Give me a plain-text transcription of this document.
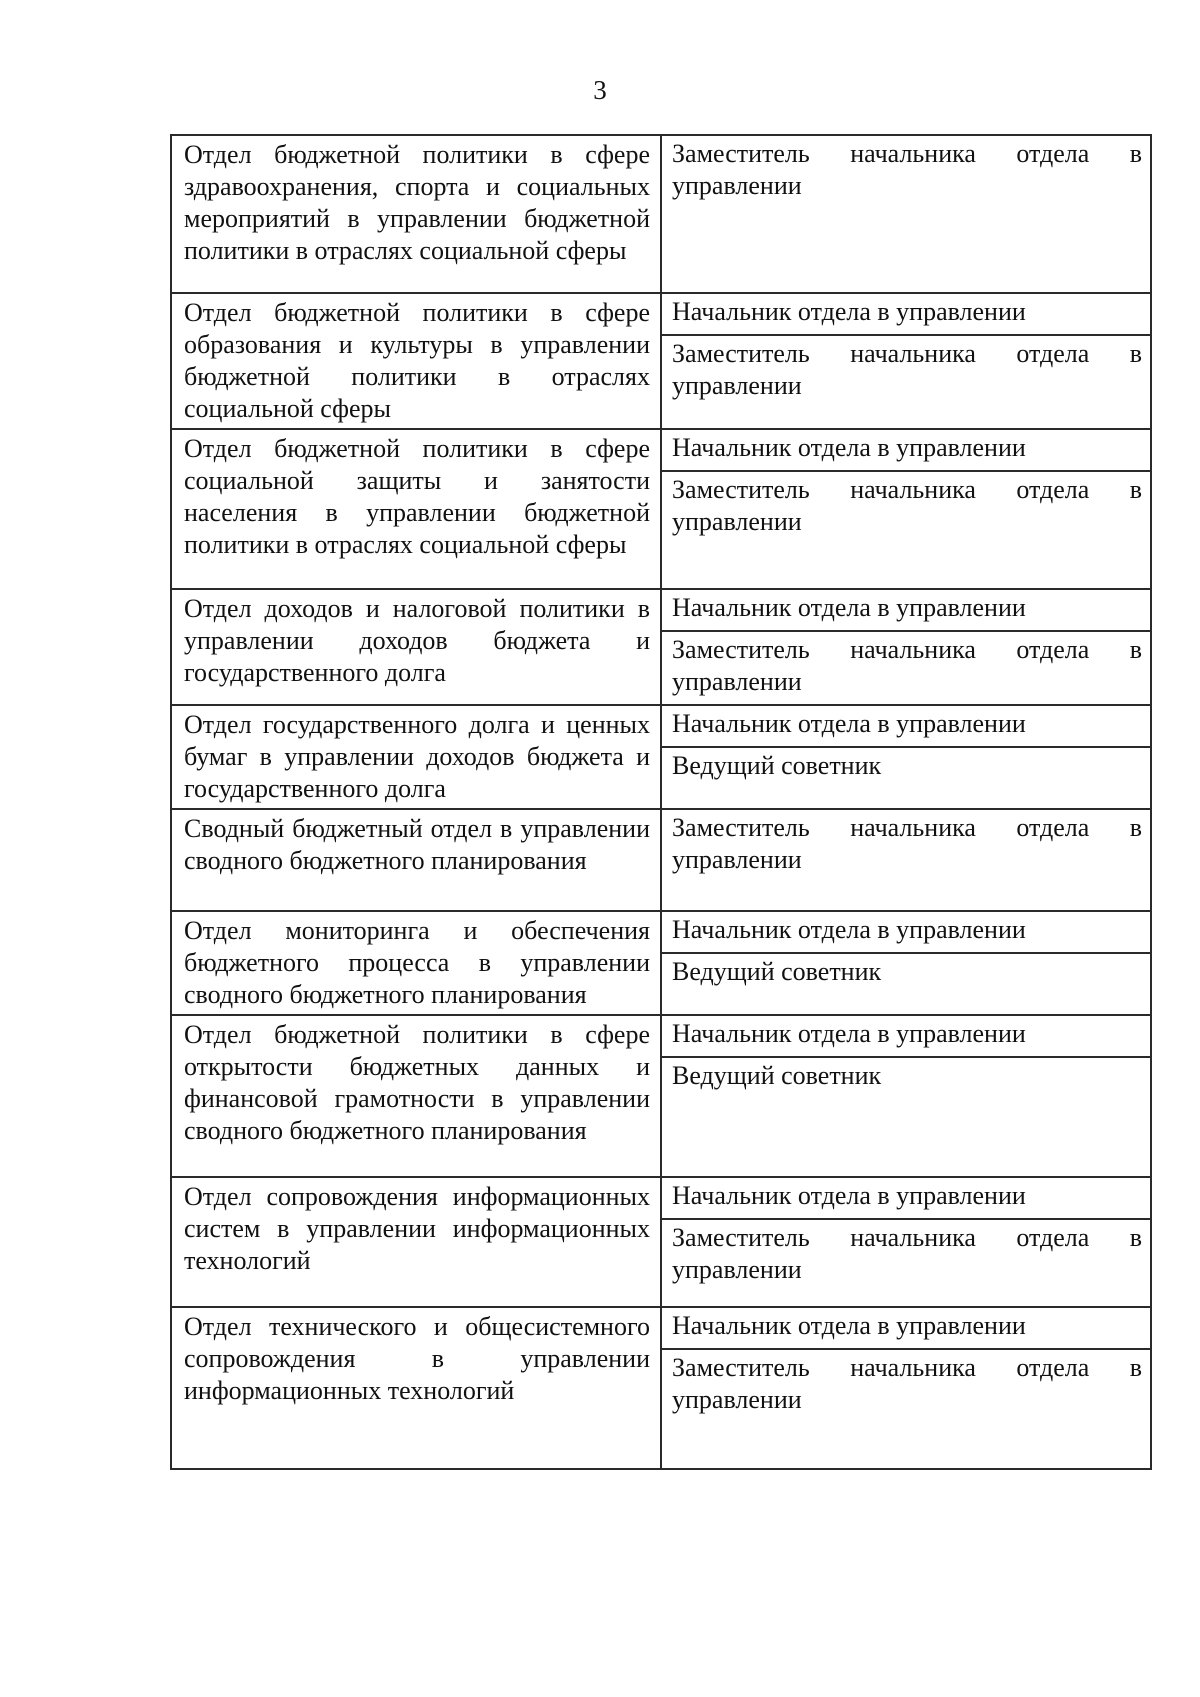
3
Отдел бюджетной политики в сфере здравоохранения, спорта и социальных мероприятий в управлении бюджетной политики в отраслях социальной сферы	Заместитель начальника отдела в управлении

Отдел бюджетной политики в сфере образования и культуры в управлении бюджетной политики в отраслях социальной сферы	Начальник отдела в управлении
Заместитель начальника отдела в управлении

Отдел бюджетной политики в сфере социальной защиты и занятости населения в управлении бюджетной политики в отраслях социальной сферы	Начальник отдела в управлении
Заместитель начальника отдела в управлении

Отдел доходов и налоговой политики в управлении доходов бюджета и государственного долга	Начальник отдела в управлении
Заместитель начальника отдела в управлении

Отдел государственного долга и ценных бумаг в управлении доходов бюджета и государственного долга	Начальник отдела в управлении
Ведущий советник

Сводный бюджетный отдел в управлении сводного бюджетного планирования	Заместитель начальника отдела в управлении

Отдел мониторинга и обеспечения бюджетного процесса в управлении сводного бюджетного планирования	Начальник отдела в управлении
Ведущий советник

Отдел бюджетной политики в сфере открытости бюджетных данных и финансовой грамотности в управлении сводного бюджетного планирования	Начальник отдела в управлении
Ведущий советник

Отдел сопровождения информационных систем в управлении информационных технологий	Начальник отдела в управлении
Заместитель начальника отдела в управлении

Отдел технического и общесистемного сопровождения в управлении информационных технологий	Начальник отдела в управлении
Заместитель начальника отдела в управлении
